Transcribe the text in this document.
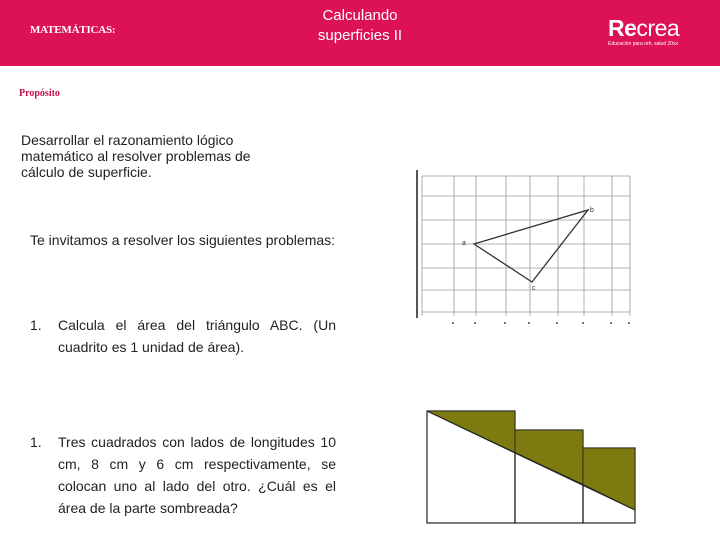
MATEMÁTICAS:
Calculando superficies II	Recrea
Educación para reh. salud 20xx
Propósito
Desarrollar el razonamiento lógico matemático al resolver problemas de cálculo de superficie.
Te invitamos a resolver los siguientes problemas:
1.	Calcula el área del triángulo ABC. (Un cuadrito es 1 unidad de área).
1.	Tres cuadrados con lados de longitudes 10 cm, 8 cm y 6 cm respectivamente, se colocan uno al lado del otro. ¿Cuál es el área de la parte sombreada?
a
b
c
